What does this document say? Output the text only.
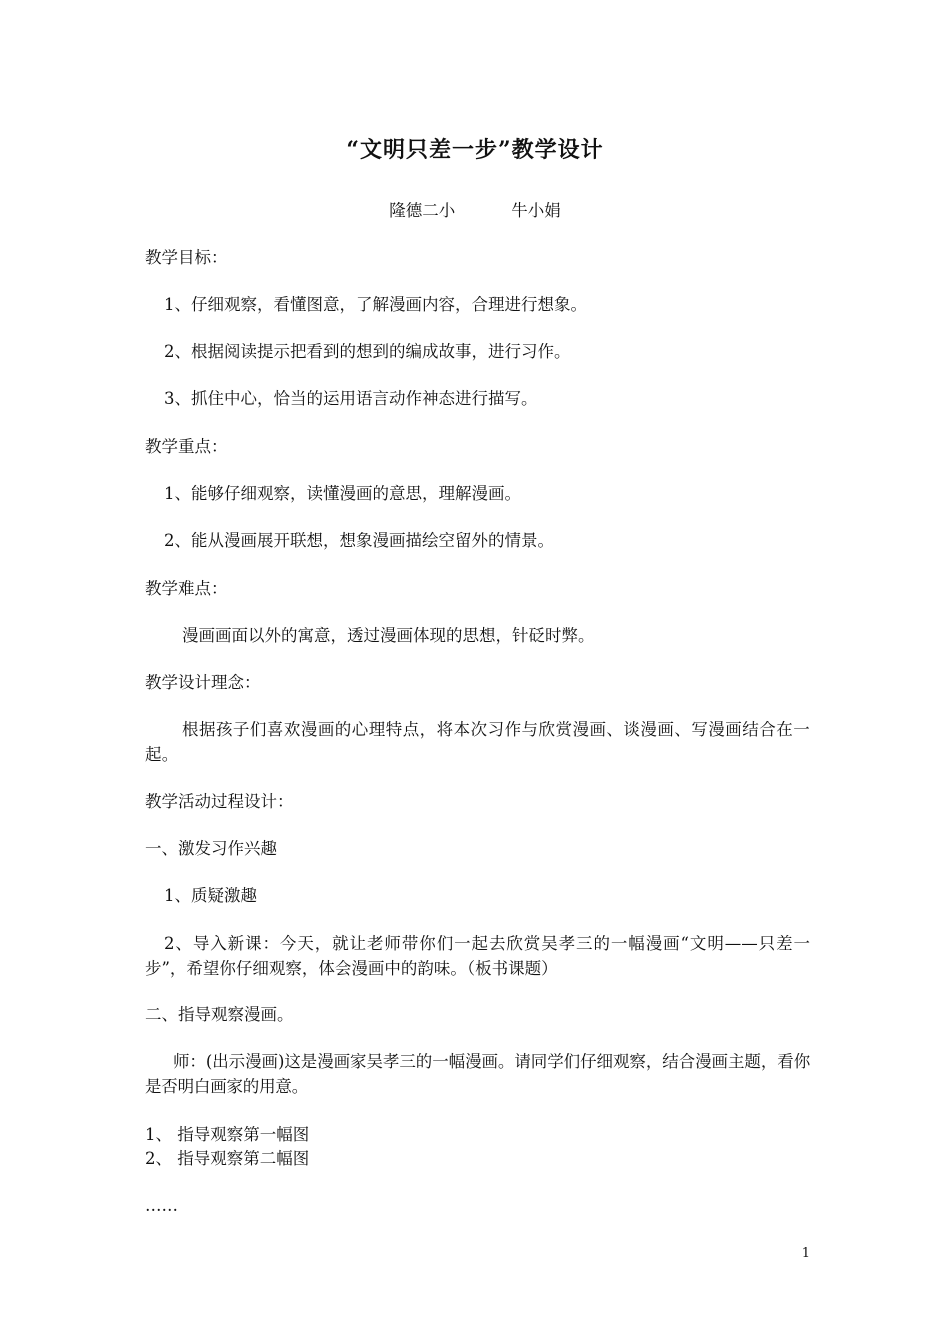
“文明只差一步”教学设计
隆德二小	牛小娟
教学目标：
1、仔细观察，看懂图意，了解漫画内容，合理进行想象。
2、根据阅读提示把看到的想到的编成故事，进行习作。
3、抓住中心，恰当的运用语言动作神态进行描写。
教学重点：
1、能够仔细观察，读懂漫画的意思，理解漫画。
2、能从漫画展开联想，想象漫画描绘空留外的情景。
教学难点：
漫画画面以外的寓意，透过漫画体现的思想，针砭时弊。
教学设计理念：
根据孩子们喜欢漫画的心理特点，将本次习作与欣赏漫画、谈漫画、写漫画结合在一起。
教学活动过程设计：
一、激发习作兴趣
1、质疑激趣
2、导入新课：今天，就让老师带你们一起去欣赏吴孝三的一幅漫画“文明——只差一步”，希望你仔细观察，体会漫画中的韵味。（板书课题）
二、指导观察漫画。
师：(出示漫画)这是漫画家吴孝三的一幅漫画。请同学们仔细观察，结合漫画主题，看你是否明白画家的用意。
1、 指导观察第一幅图
2、 指导观察第二幅图
……
1
